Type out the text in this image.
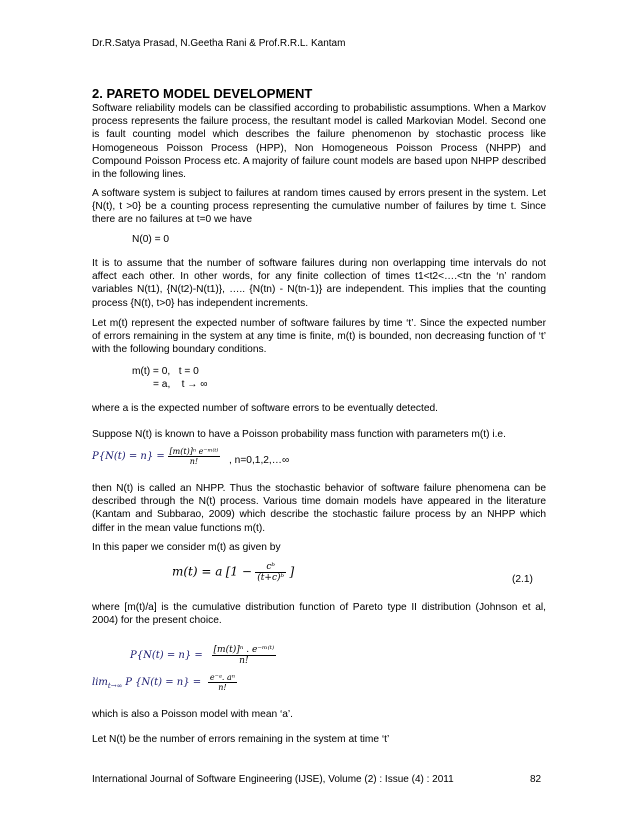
Dr.R.Satya Prasad, N.Geetha Rani & Prof.R.R.L. Kantam
2. PARETO MODEL DEVELOPMENT

Software reliability models can be classified according to probabilistic assumptions. When a Markov process represents the failure process, the resultant model is called Markovian Model. Second one is fault counting model which describes the failure phenomenon by stochastic process like Homogeneous Poisson Process (HPP), Non Homogeneous Poisson Process (NHPP) and Compound Poisson Process etc. A majority of failure count models are based upon NHPP described in the following lines.

A software system is subject to failures at random times caused by errors present in the system. Let {N(t), t >0} be a counting process representing the cumulative number of failures by time t. Since there are no failures at t=0 we have

N(0) = 0

It is to assume that the number of software failures during non overlapping time intervals do not affect each other. In other words, for any finite collection of times t1<t2<….<tn the ‘n’ random variables N(t1), {N(t2)-N(t1)}, ….. {N(tn) - N(tn-1)} are independent. This implies that the counting process {N(t), t>0} has independent increments.

Let m(t) represent the expected number of software failures by time ‘t’. Since the expected number of errors remaining in the system at any time is finite, m(t) is bounded, non decreasing function of ‘t’ with the following boundary conditions.

m(t) = 0,   t = 0
= a,    t → ∞

where a is the expected number of software errors to be eventually detected.

Suppose N(t) is known to have a Poisson probability mass function with parameters m(t) i.e.

$P\{N(t) = n\} = \frac{\text{[m(t)]ⁿ e⁻ᵐ⁽ᵗ⁾}}{n!}$ , n=0,1,2,…∞

then N(t) is called an NHPP. Thus the stochastic behavior of software failure phenomena can be described through the N(t) process. Various time domain models have appeared in the literature (Kantam and Subbarao, 2009) which describe the stochastic failure process by an NHPP which differ in the mean value functions m(t).

In this paper we consider m(t) as given by

m(t) = a [$1 - \frac{\text{cᵇ}}{\text{(t+c)ᵇ}}$ ]
(2.1)

where [m(t)/a] is the cumulative distribution function of Pareto type II distribution (Johnson et al, 2004) for the present choice.

$P\{N(t) = n\} = \frac{\text{[m(t)]ⁿ . e⁻ᵐ⁽ᵗ⁾}}{n!}$
$\lim_{t\to\infty} P$ $\{N(t) = n\} = \frac{\text{e⁻ᵃ. aⁿ}}{n!}$

which is also a Poisson model with mean ‘a’.

Let N(t) be the number of errors remaining in the system at time ‘t’

International Journal of Software Engineering (IJSE), Volume (2) : Issue (4) : 2011	82
